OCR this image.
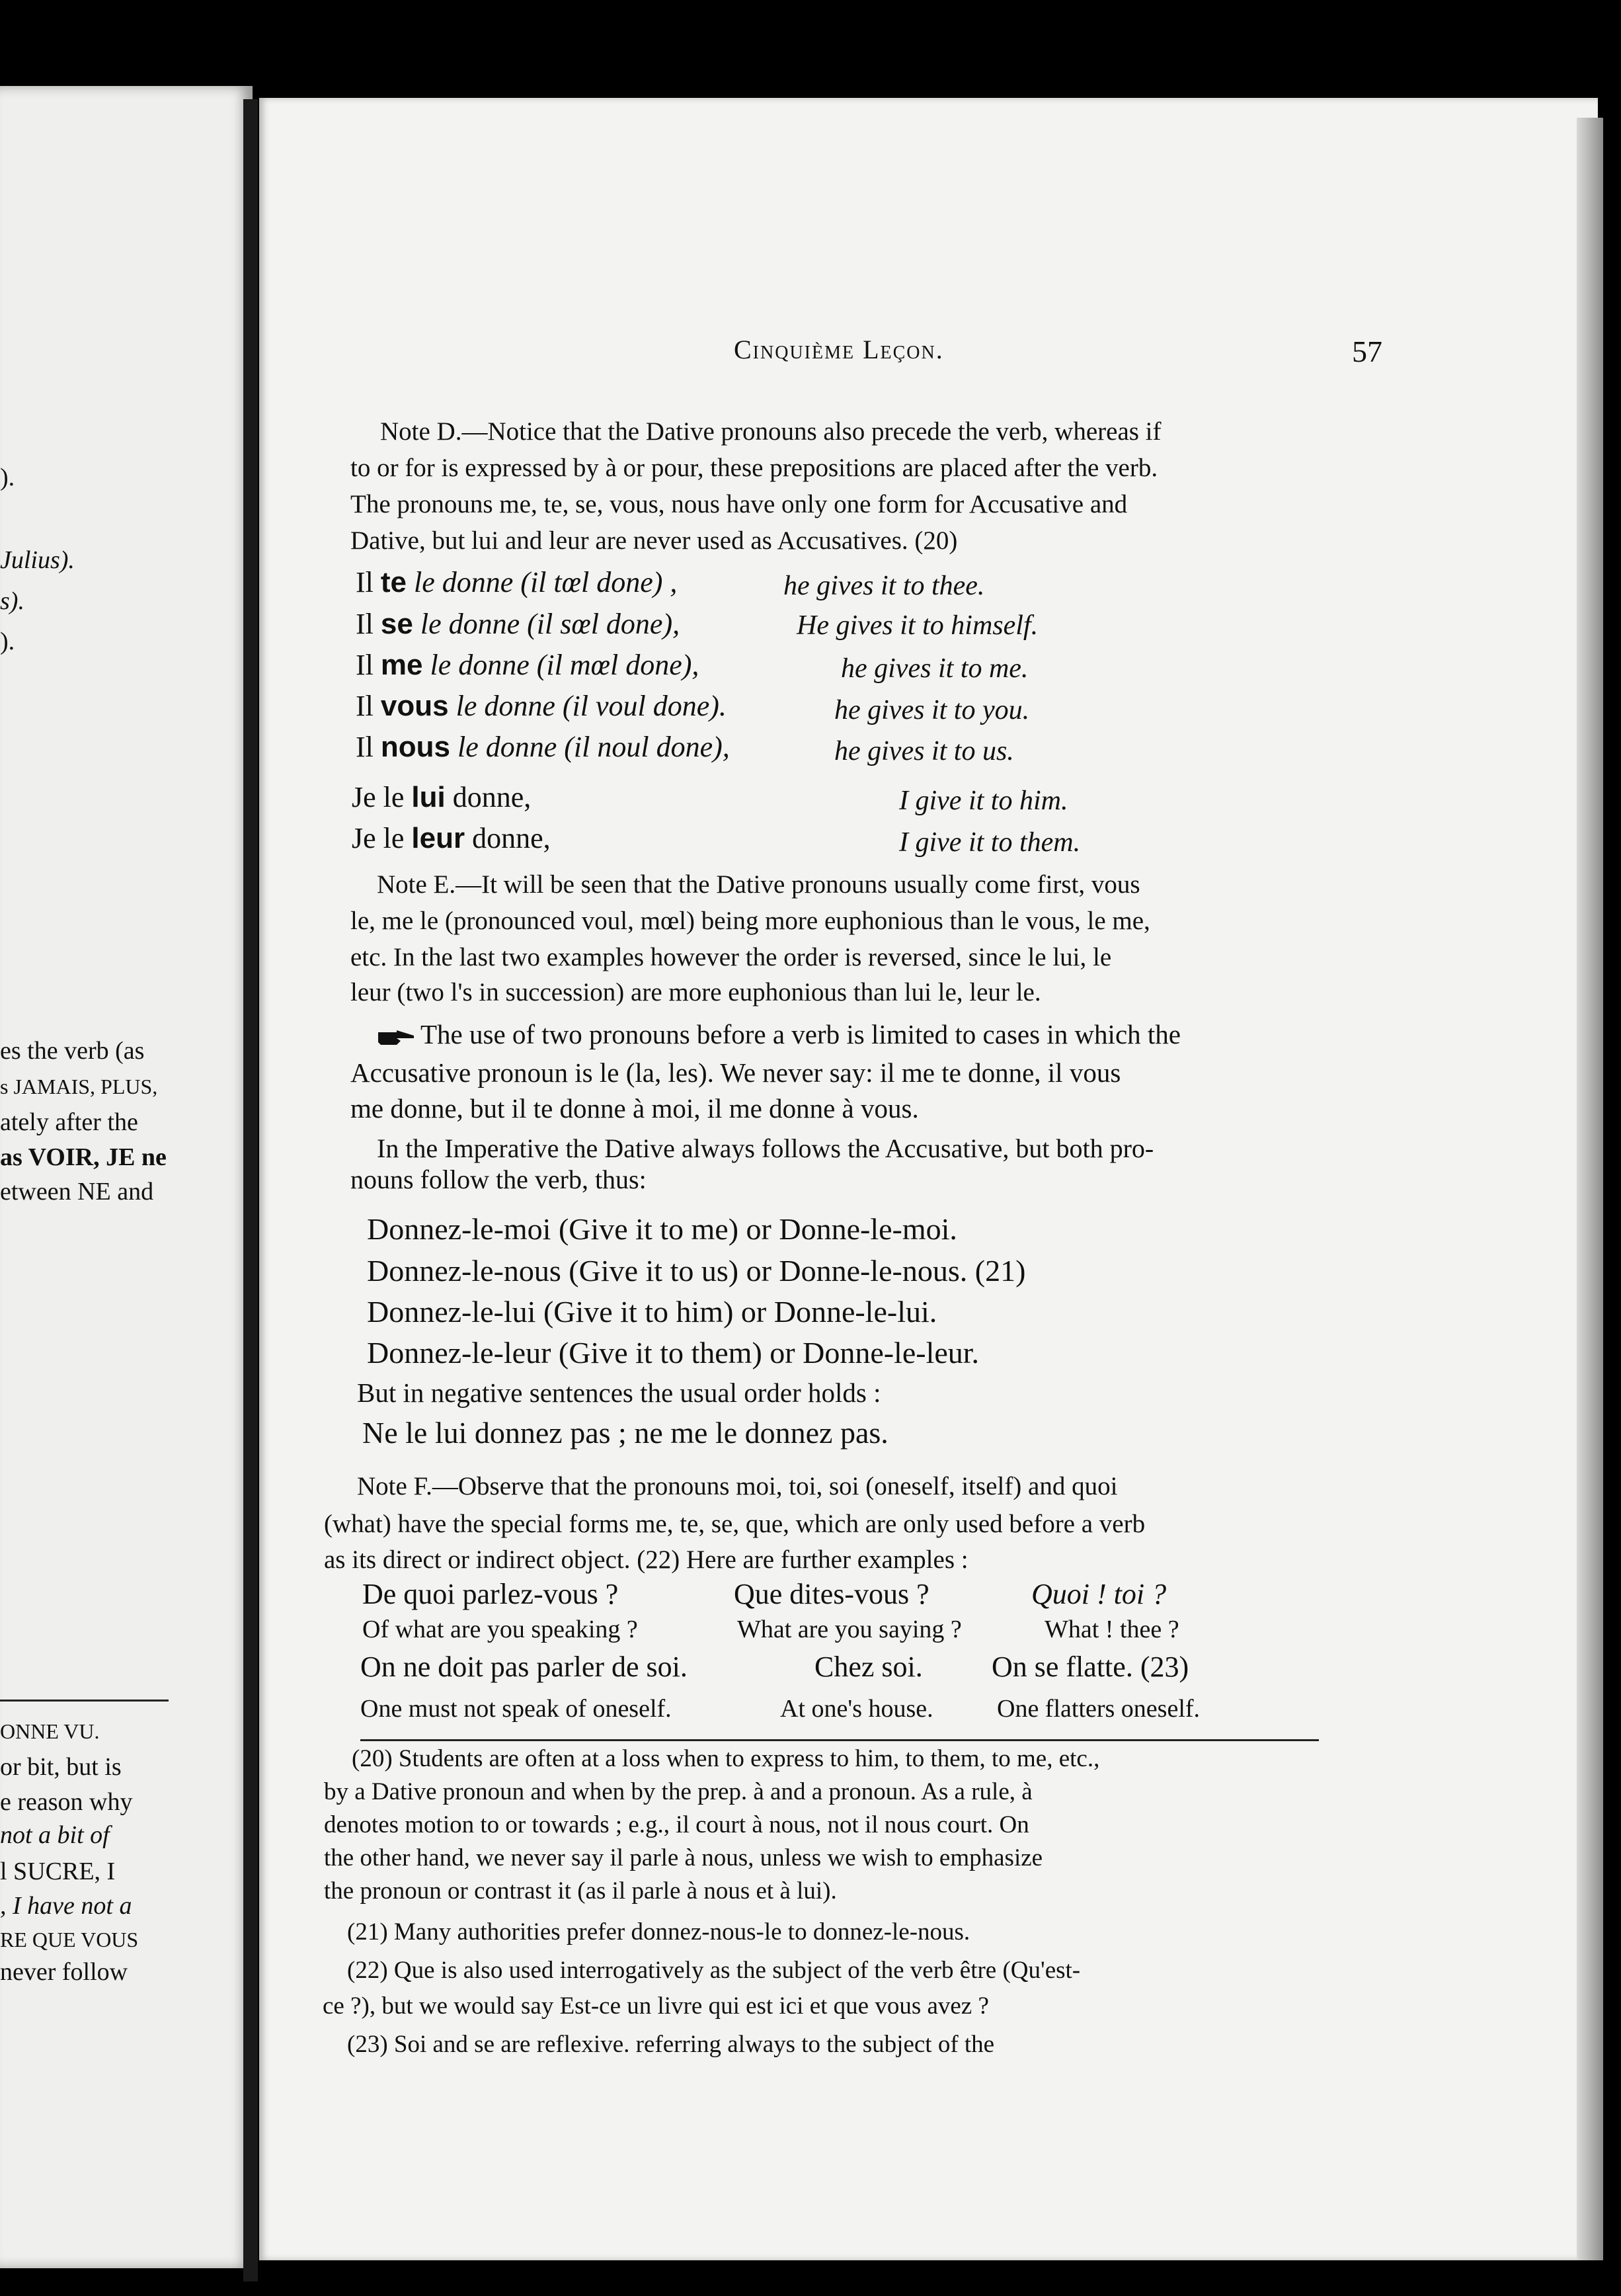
).
Julius).
s).
).
es the verb (as
s JAMAIS, PLUS,
ately after the
as VOIR, JE ne
etween NE and
ONNE VU.
or bit, but is
e reason why
not a bit of
l SUCRE, I
, I have not a
RE QUE VOUS
never follow
Cinquième Leçon.	57
Note D.—Notice that the Dative pronouns also precede the verb, whereas if
to or for is expressed by à or pour, these prepositions are placed after the verb.
The pronouns me, te, se, vous, nous have only one form for Accusative and
Dative, but lui and leur are never used as Accusatives. (20)
Il te le donne (il tœl done) ,	he gives it to thee.
Il se le donne (il sœl done),	He gives it to himself.
Il me le donne (il mœl done),	he gives it to me.
Il vous le donne (il voul done).	he gives it to you.
Il nous le donne (il noul done),	he gives it to us.
Je le lui donne,	I give it to him.
Je le leur donne,	I give it to them.
Note E.—It will be seen that the Dative pronouns usually come first, vous
le, me le (pronounced voul, mœl) being more euphonious than le vous, le me,
etc. In the last two examples however the order is reversed, since le lui, le
leur (two l's in succession) are more euphonious than lui le, leur le.
The use of two pronouns before a verb is limited to cases in which the
Accusative pronoun is le (la, les). We never say: il me te donne, il vous
me donne, but il te donne à moi, il me donne à vous.
In the Imperative the Dative always follows the Accusative, but both pro-
nouns follow the verb, thus:
Donnez-le-moi (Give it to me) or Donne-le-moi.
Donnez-le-nous (Give it to us) or Donne-le-nous. (21)
Donnez-le-lui (Give it to him) or Donne-le-lui.
Donnez-le-leur (Give it to them) or Donne-le-leur.
But in negative sentences the usual order holds :
Ne le lui donnez pas ; ne me le donnez pas.
Note F.—Observe that the pronouns moi, toi, soi (oneself, itself) and quoi
(what) have the special forms me, te, se, que, which are only used before a verb
as its direct or indirect object. (22) Here are further examples :
De quoi parlez-vous ?	Que dites-vous ?	Quoi ! toi ?
Of what are you speaking ?	What are you saying ?	What ! thee ?
On ne doit pas parler de soi.	Chez soi. On se flatte. (23)
One must not speak of oneself.	At one's house.	One flatters oneself.
(20) Students are often at a loss when to express to him, to them, to me, etc.,
by a Dative pronoun and when by the prep. à and a pronoun. As a rule, à
denotes motion to or towards ; e.g., il court à nous, not il nous court. On
the other hand, we never say il parle à nous, unless we wish to emphasize
the pronoun or contrast it (as il parle à nous et à lui).
(21) Many authorities prefer donnez-nous-le to donnez-le-nous.
(22) Que is also used interrogatively as the subject of the verb être (Qu'est-
ce ?), but we would say Est-ce un livre qui est ici et que vous avez ?
(23) Soi and se are reflexive. referring always to the subject of the
